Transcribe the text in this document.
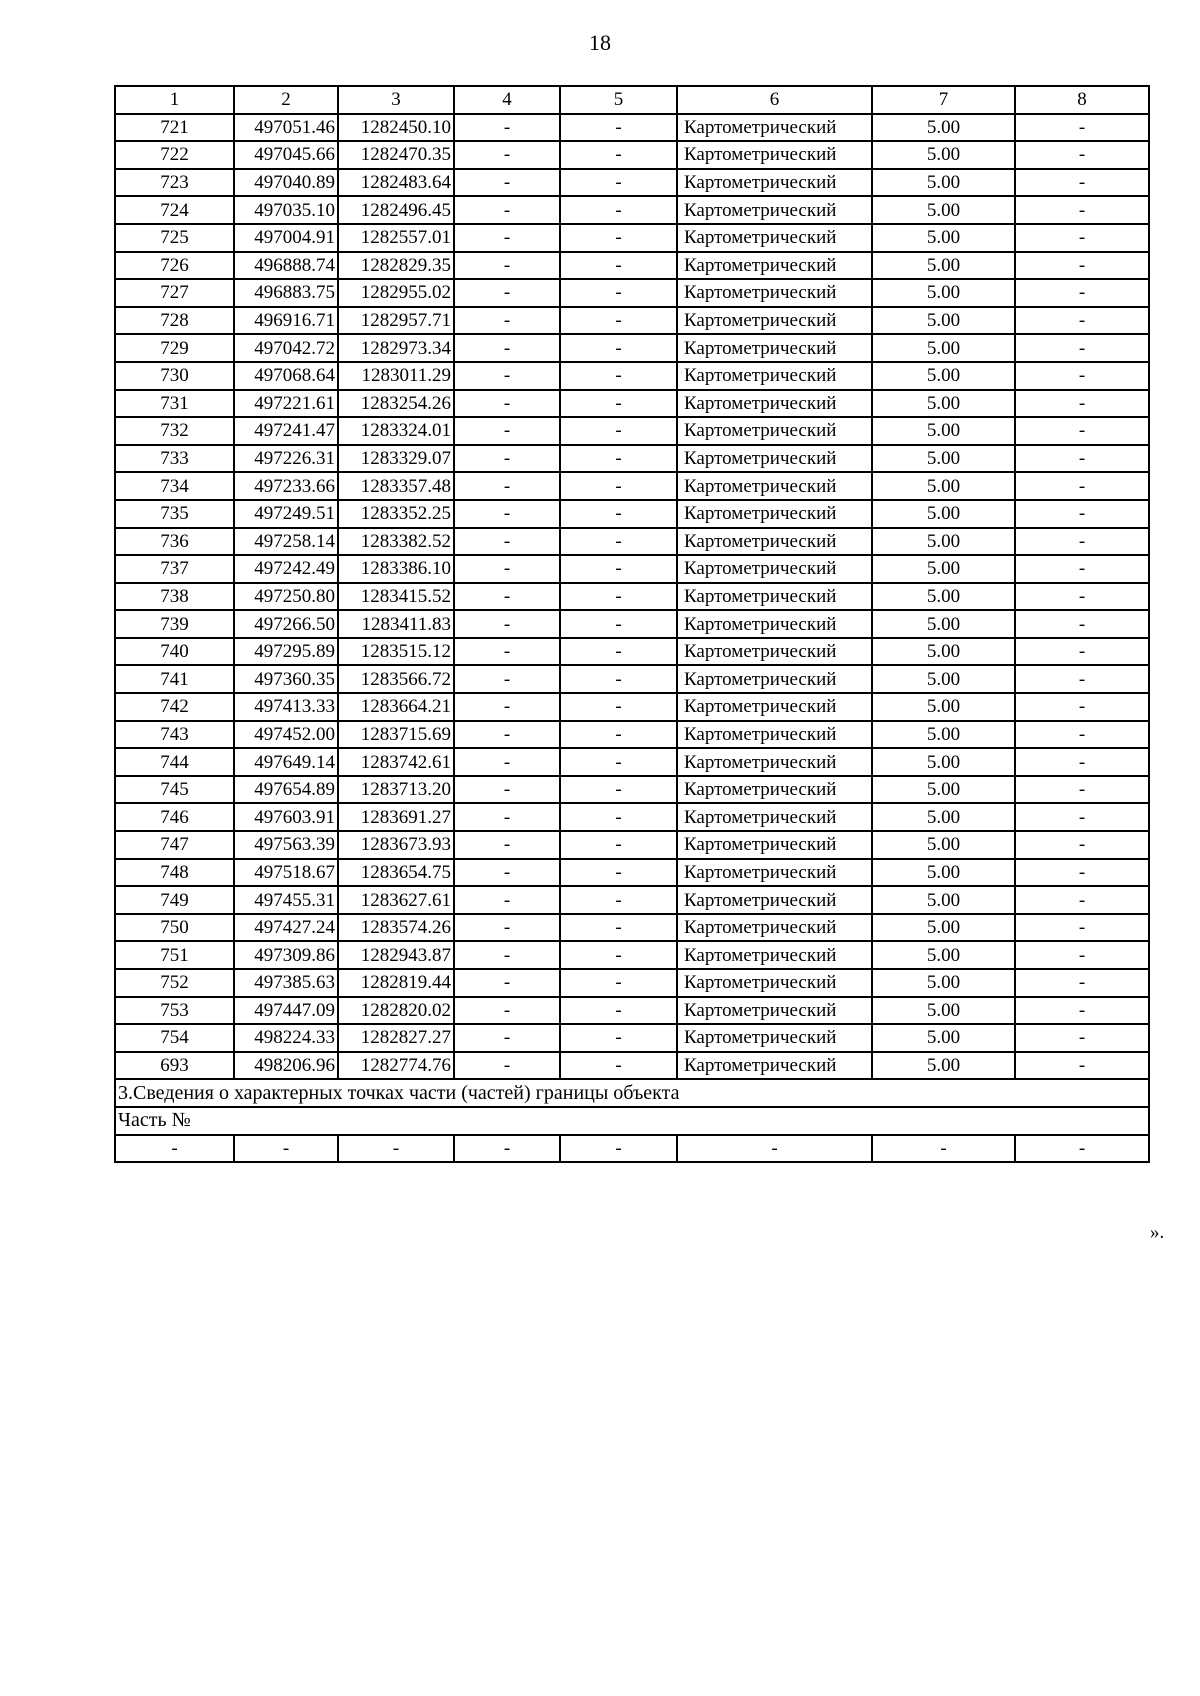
18
1	2	3	4	5	6	7	8
721	497051.46	1282450.10	-	-	Картометрический	5.00	-
722	497045.66	1282470.35	-	-	Картометрический	5.00	-
723	497040.89	1282483.64	-	-	Картометрический	5.00	-
724	497035.10	1282496.45	-	-	Картометрический	5.00	-
725	497004.91	1282557.01	-	-	Картометрический	5.00	-
726	496888.74	1282829.35	-	-	Картометрический	5.00	-
727	496883.75	1282955.02	-	-	Картометрический	5.00	-
728	496916.71	1282957.71	-	-	Картометрический	5.00	-
729	497042.72	1282973.34	-	-	Картометрический	5.00	-
730	497068.64	1283011.29	-	-	Картометрический	5.00	-
731	497221.61	1283254.26	-	-	Картометрический	5.00	-
732	497241.47	1283324.01	-	-	Картометрический	5.00	-
733	497226.31	1283329.07	-	-	Картометрический	5.00	-
734	497233.66	1283357.48	-	-	Картометрический	5.00	-
735	497249.51	1283352.25	-	-	Картометрический	5.00	-
736	497258.14	1283382.52	-	-	Картометрический	5.00	-
737	497242.49	1283386.10	-	-	Картометрический	5.00	-
738	497250.80	1283415.52	-	-	Картометрический	5.00	-
739	497266.50	1283411.83	-	-	Картометрический	5.00	-
740	497295.89	1283515.12	-	-	Картометрический	5.00	-
741	497360.35	1283566.72	-	-	Картометрический	5.00	-
742	497413.33	1283664.21	-	-	Картометрический	5.00	-
743	497452.00	1283715.69	-	-	Картометрический	5.00	-
744	497649.14	1283742.61	-	-	Картометрический	5.00	-
745	497654.89	1283713.20	-	-	Картометрический	5.00	-
746	497603.91	1283691.27	-	-	Картометрический	5.00	-
747	497563.39	1283673.93	-	-	Картометрический	5.00	-
748	497518.67	1283654.75	-	-	Картометрический	5.00	-
749	497455.31	1283627.61	-	-	Картометрический	5.00	-
750	497427.24	1283574.26	-	-	Картометрический	5.00	-
751	497309.86	1282943.87	-	-	Картометрический	5.00	-
752	497385.63	1282819.44	-	-	Картометрический	5.00	-
753	497447.09	1282820.02	-	-	Картометрический	5.00	-
754	498224.33	1282827.27	-	-	Картометрический	5.00	-
693	498206.96	1282774.76	-	-	Картометрический	5.00	-
3.Сведения о характерных точках части (частей) границы объекта							
Часть №							
-	-	-	-	-	-	-	-
».
